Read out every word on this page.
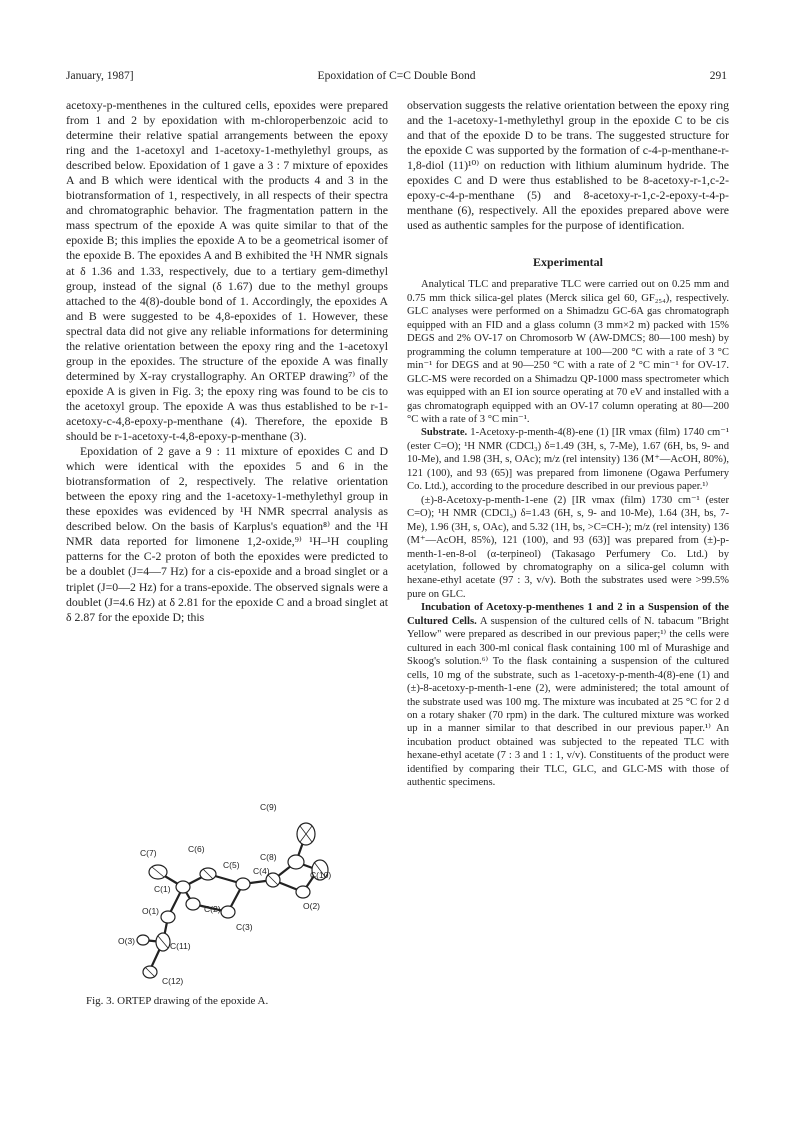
January, 1987]	Epoxidation of C=C Double Bond	291

acetoxy-p-menthenes in the cultured cells, epoxides were prepared from 1 and 2 by epoxidation with m-chloroperbenzoic acid to determine their relative spatial arrangements between the epoxy ring and the 1-acetoxyl and 1-acetoxy-1-methylethyl groups, as described below. Epoxidation of 1 gave a 3 : 7 mixture of epoxides A and B which were identical with the products 4 and 3 in the biotransformation of 1, respectively, in all respects of their spectra and chromatographic behavior. The fragmentation pattern in the mass spectrum of the epoxide A was quite similar to that of the epoxide B; this implies the epoxide A to be a geometrical isomer of the epoxide B. The epoxides A and B exhibited the ¹H NMR signals at δ 1.36 and 1.33, respectively, due to a tertiary gem-dimethyl group, instead of the signal (δ 1.67) due to the methyl groups attached to the 4(8)-double bond of 1. Accordingly, the epoxides A and B were suggested to be 4,8-epoxides of 1. However, these spectral data did not give any reliable informations for determining the relative orientation between the epoxy ring and the 1-acetoxyl group in the epoxides. The structure of the epoxide A was finally determined by X-ray crystallography. An ORTEP drawing⁷⁾ of the epoxide A is given in Fig. 3; the epoxy ring was found to be cis to the acetoxyl group. The epoxide A was thus established to be r-1-acetoxy-c-4,8-epoxy-p-menthane (4). Therefore, the epoxide B should be r-1-acetoxy-t-4,8-epoxy-p-menthane (3).

Epoxidation of 2 gave a 9 : 11 mixture of epoxides C and D which were identical with the epoxides 5 and 6 in the biotransformation of 2, respectively. The relative orientation between the epoxy ring and the 1-acetoxy-1-methylethyl group in these epoxides was evidenced by ¹H NMR specrral analysis as described below. On the basis of Karplus's equation⁸⁾ and the ¹H NMR data reported for limonene 1,2-oxide,⁹⁾ ¹H–¹H coupling patterns for the C-2 proton of both the epoxides were predicted to be a doublet (J=4—7 Hz) for a cis-epoxide and a broad singlet or a triplet (J=0—2 Hz) for a trans-epoxide. The observed signals were a doublet (J=4.6 Hz) at δ 2.81 for the epoxide C and a broad singlet at δ 2.87 for the epoxide D; this

C(9)
C(7)	C(6)
C(8)
C(5)
C(4)	C(10)
C(1)
C(2)	O(2)
O(1)
C(3)
O(3)	C(11)
C(12)
Fig. 3. ORTEP drawing of the epoxide A.

observation suggests the relative orientation between the epoxy ring and the 1-acetoxy-1-methylethyl group in the epoxide C to be cis and that of the epoxide D to be trans. The suggested structure for the epoxide C was supported by the formation of c-4-p-menthane-r-1,8-diol (11)¹⁰⁾ on reduction with lithium aluminum hydride. The epoxides C and D were thus established to be 8-acetoxy-r-1,c-2-epoxy-c-4-p-menthane (5) and 8-acetoxy-r-1,c-2-epoxy-t-4-p-menthane (6), respectively. All the epoxides prepared above were used as authentic samples for the purpose of identification.

Experimental

Analytical TLC and preparative TLC were carried out on 0.25 mm and 0.75 mm thick silica-gel plates (Merck silica gel 60, GF₂₅₄), respectively. GLC analyses were performed on a Shimadzu GC-6A gas chromatograph equipped with an FID and a glass column (3 mm×2 m) packed with 15% DEGS and 2% OV-17 on Chromosorb W (AW-DMCS; 80—100 mesh) by programming the column temperature at 100—200 °C with a rate of 3 °C min⁻¹ for DEGS and at 90—250 °C with a rate of 2 °C min⁻¹ for OV-17. GLC-MS were recorded on a Shimadzu QP-1000 mass spectrometer which was equipped with an EI ion source operating at 70 eV and installed with a gas chromatograph equipped with an OV-17 column operating at 80—200 °C with a rate of 3 °C min⁻¹.

Substrate. 1-Acetoxy-p-menth-4(8)-ene (1) [IR νmax (film) 1740 cm⁻¹ (ester C=O); ¹H NMR (CDCl₃) δ=1.49 (3H, s, 7-Me), 1.67 (6H, bs, 9- and 10-Me), and 1.98 (3H, s, OAc); m/z (rel intensity) 136 (M⁺—AcOH, 80%), 121 (100), and 93 (65)] was prepared from limonene (Ogawa Perfumery Co. Ltd.), according to the procedure described in our previous paper.¹⁾

(±)-8-Acetoxy-p-menth-1-ene (2) [IR νmax (film) 1730 cm⁻¹ (ester C=O); ¹H NMR (CDCl₃) δ=1.43 (6H, s, 9- and 10-Me), 1.64 (3H, bs, 7-Me), 1.96 (3H, s, OAc), and 5.32 (1H, bs, >C=CH-); m/z (rel intensity) 136 (M⁺—AcOH, 85%), 121 (100), and 93 (63)] was prepared from (±)-p-menth-1-en-8-ol (α-terpineol) (Takasago Perfumery Co. Ltd.) by acetylation, followed by chromatography on a silica-gel column with hexane-ethyl acetate (97 : 3, v/v). Both the substrates used were >99.5% pure on GLC.

Incubation of Acetoxy-p-menthenes 1 and 2 in a Suspension of the Cultured Cells. A suspension of the cultured cells of N. tabacum "Bright Yellow" were prepared as described in our previous paper;¹⁾ the cells were cultured in each 300-ml conical flask containing 100 ml of Murashige and Skoog's solution.⁶⁾ To the flask containing a suspension of the cultured cells, 10 mg of the substrate, such as 1-acetoxy-p-menth-4(8)-ene (1) and (±)-8-acetoxy-p-menth-1-ene (2), were administered; the total amount of the substrate used was 100 mg. The mixture was incubated at 25 °C for 2 d on a rotary shaker (70 rpm) in the dark. The cultured mixture was worked up in a manner similar to that described in our previous paper.¹⁾ An incubation product obtained was subjected to the repeated TLC with hexane-ethyl acetate (7 : 3 and 1 : 1, v/v). Constituents of the product were identified by comparing their TLC, GLC, and GLC-MS with those of authentic specimens.
